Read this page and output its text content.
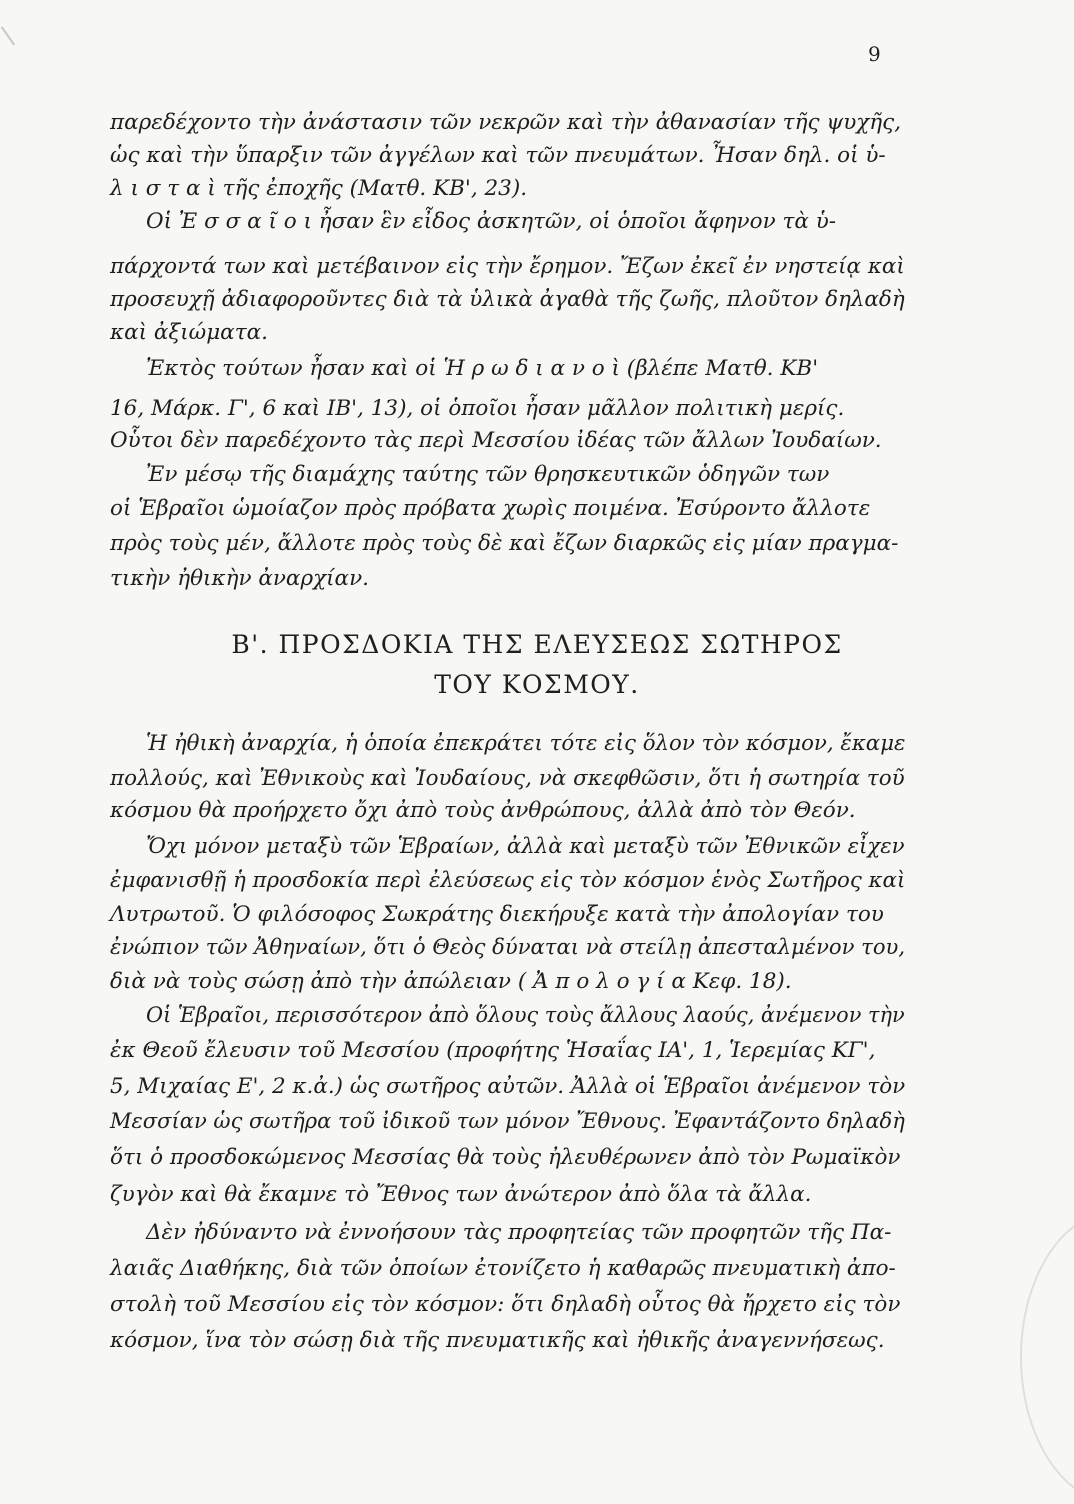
9
παρεδέχοντο τὴν ἀνάστασιν τῶν νεκρῶν καὶ τὴν ἀθανασίαν τῆς ψυχῆς,
ὡς καὶ τὴν ὕπαρξιν τῶν ἀγγέλων καὶ τῶν πνευμάτων. Ἦσαν δηλ. οἱ ὑ-
λ ι σ τ α ὶ τῆς ἐποχῆς (Ματθ. ΚΒ', 23).
Οἱ Ἐ σ σ α ῖ ο ι ἦσαν ἓν εἶδος ἀσκητῶν, οἱ ὁποῖοι ἄφηνον τὰ ὑ-
πάρχοντά των καὶ μετέβαινον εἰς τὴν ἔρημον. Ἔζων ἐκεῖ ἐν νηστείᾳ καὶ
προσευχῇ ἀδιαφοροῦντες διὰ τὰ ὑλικὰ ἀγαθὰ τῆς ζωῆς, πλοῦτον δηλαδὴ
καὶ ἀξιώματα.
Ἐκτὸς τούτων ἦσαν καὶ οἱ Ἡ ρ ω δ ι α ν ο ὶ (βλέπε Ματθ. ΚΒ'
16, Μάρκ. Γ', 6 καὶ ΙΒ', 13), οἱ ὁποῖοι ἦσαν μᾶλλον πολιτικὴ μερίς.
Οὗτοι δὲν παρεδέχοντο τὰς περὶ Μεσσίου ἰδέας τῶν ἄλλων Ἰουδαίων.
Ἐν μέσῳ τῆς διαμάχης ταύτης τῶν θρησκευτικῶν ὁδηγῶν των
οἱ Ἑβραῖοι ὡμοίαζον πρὸς πρόβατα χωρὶς ποιμένα. Ἐσύροντο ἄλλοτε
πρὸς τοὺς μέν, ἄλλοτε πρὸς τοὺς δὲ καὶ ἔζων διαρκῶς εἰς μίαν πραγμα-
τικὴν ἠθικὴν ἀναρχίαν.
Β'. ΠΡΟΣΔΟΚΙΑ ΤΗΣ ΕΛΕΥΣΕΩΣ ΣΩΤΗΡΟΣ
ΤΟΥ ΚΟΣΜΟΥ.
Ἡ ἠθικὴ ἀναρχία, ἡ ὁποία ἐπεκράτει τότε εἰς ὅλον τὸν κόσμον, ἔκαμε
πολλούς, καὶ Ἐθνικοὺς καὶ Ἰουδαίους, νὰ σκεφθῶσιν, ὅτι ἡ σωτηρία τοῦ
κόσμου θὰ προήρχετο ὄχι ἀπὸ τοὺς ἀνθρώπους, ἀλλὰ ἀπὸ τὸν Θεόν.
Ὄχι μόνον μεταξὺ τῶν Ἑβραίων, ἀλλὰ καὶ μεταξὺ τῶν Ἐθνικῶν εἶχεν
ἐμφανισθῇ ἡ προσδοκία περὶ ἐλεύσεως εἰς τὸν κόσμον ἑνὸς Σωτῆρος καὶ
Λυτρωτοῦ. Ὁ φιλόσοφος Σωκράτης διεκήρυξε κατὰ τὴν ἀπολογίαν του
ἐνώπιον τῶν Ἀθηναίων, ὅτι ὁ Θεὸς δύναται νὰ στείλῃ ἀπεσταλμένον του,
διὰ νὰ τοὺς σώσῃ ἀπὸ τὴν ἀπώλειαν ( Ἀ π ο λ ο γ ί α Κεφ. 18).
Οἱ Ἑβραῖοι, περισσότερον ἀπὸ ὅλους τοὺς ἄλλους λαούς, ἀνέμενον τὴν
ἐκ Θεοῦ ἔλευσιν τοῦ Μεσσίου (προφήτης Ἡσαΐας ΙΑ', 1, Ἱερεμίας ΚΓ',
5, Μιχαίας Ε', 2 κ.ἀ.) ὡς σωτῆρος αὐτῶν. Ἀλλὰ οἱ Ἑβραῖοι ἀνέμενον τὸν
Μεσσίαν ὡς σωτῆρα τοῦ ἰδικοῦ των μόνον Ἔθνους. Ἐφαντάζοντο δηλαδὴ
ὅτι ὁ προσδοκώμενος Μεσσίας θὰ τοὺς ἠλευθέρωνεν ἀπὸ τὸν Ρωμαϊκὸν
ζυγὸν καὶ θὰ ἔκαμνε τὸ Ἔθνος των ἀνώτερον ἀπὸ ὅλα τὰ ἄλλα.
Δὲν ἠδύναντο νὰ ἐννοήσουν τὰς προφητείας τῶν προφητῶν τῆς Πα-
λαιᾶς Διαθήκης, διὰ τῶν ὁποίων ἐτονίζετο ἡ καθαρῶς πνευματικὴ ἀπο-
στολὴ τοῦ Μεσσίου εἰς τὸν κόσμον: ὅτι δηλαδὴ οὗτος θὰ ἤρχετο εἰς τὸν
κόσμον, ἵνα τὸν σώσῃ διὰ τῆς πνευματικῆς καὶ ἠθικῆς ἀναγεννήσεως.
